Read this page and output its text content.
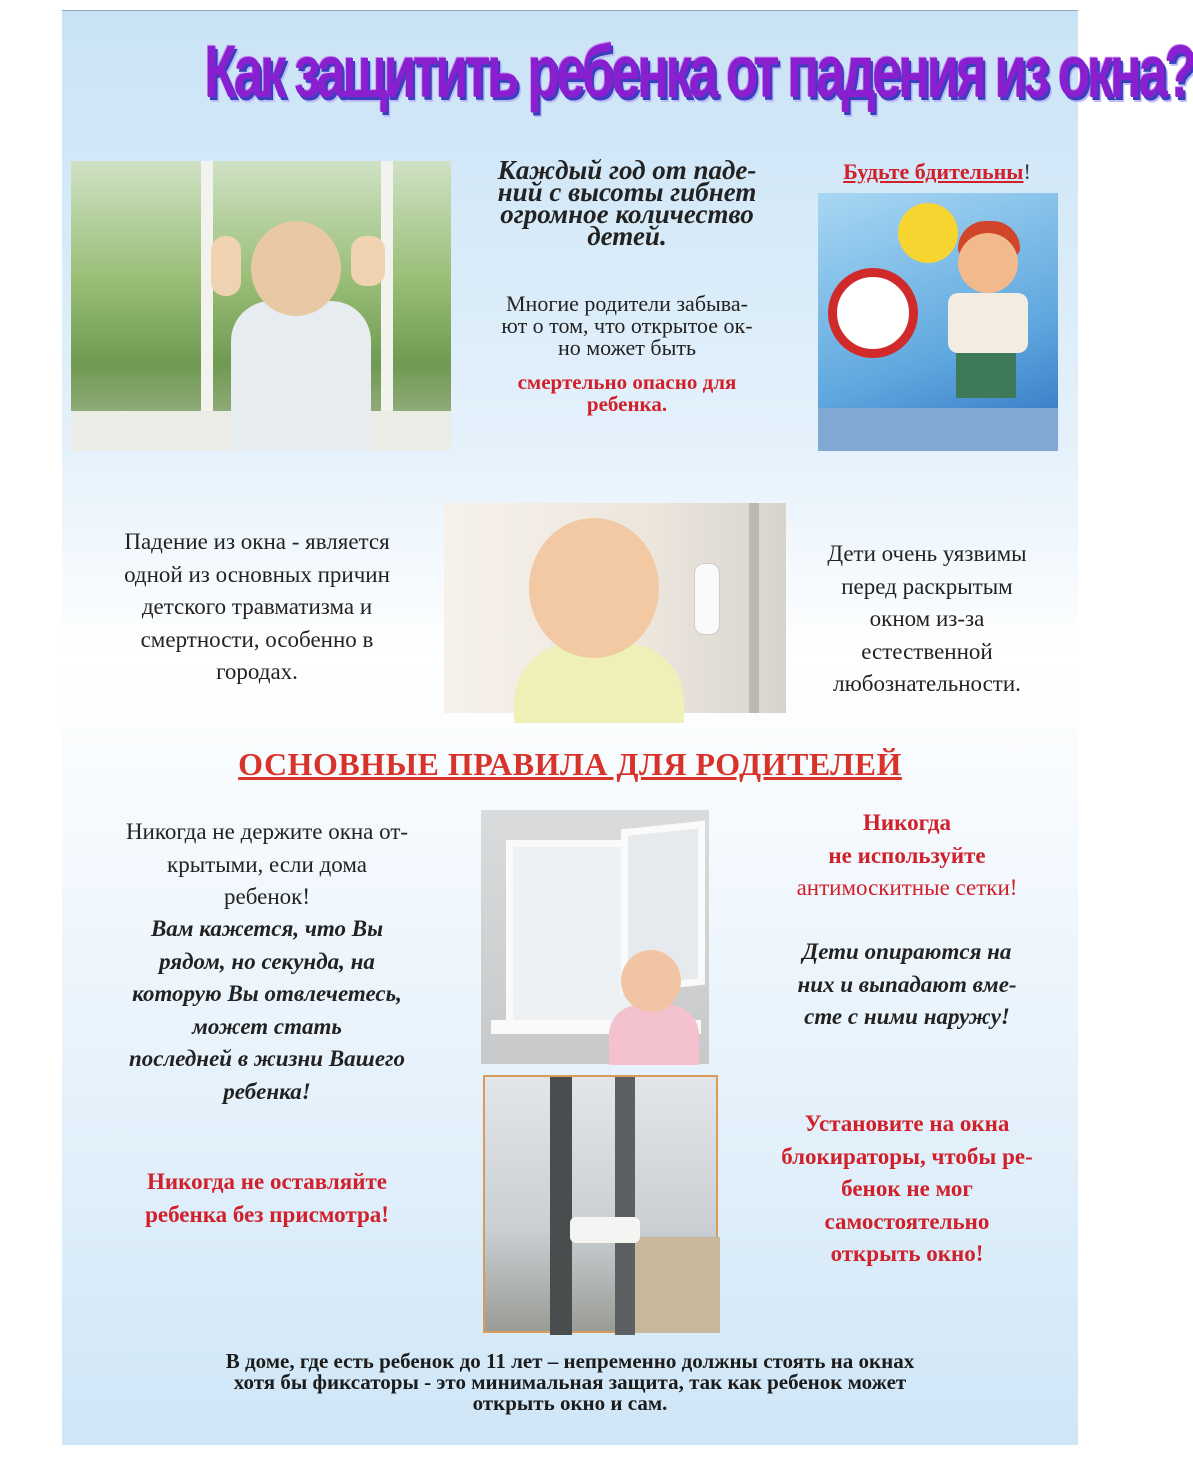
Как защитить ребенка от падения из окна?
Каждый год от паде-
ний с высоты гибнет
огромное количество
детей.
Многие родители забыва-
ют о том, что открытое ок-
но может быть
смертельно опасно для
ребенка.
Будьте бдительны!
Падение из окна - является
одной из основных причин
детского травматизма и
смертности, особенно в
городах.
Дети очень уязвимы
перед раскрытым
окном из-за
естественной
любознательности.
ОСНОВНЫЕ ПРАВИЛА ДЛЯ РОДИТЕЛЕЙ
Никогда не держите окна от-
крытыми, если дома
ребенок!
Вам кажется, что Вы
рядом, но секунда, на
которую Вы отвлечетесь,
может стать
последней в жизни Вашего
ребенка!
Никогда не оставляйте
ребенка без присмотра!
Никогда
не используйте
антимоскитные сетки!
Дети опираются на
них и выпадают вме-
сте с ними наружу!
Установите на окна
блокираторы, чтобы ре-
бенок не мог
самостоятельно
открыть окно!
В доме, где есть ребенок до 11 лет – непременно должны стоять на окнах
хотя бы фиксаторы - это минимальная защита, так как ребенок может
открыть окно и сам.
